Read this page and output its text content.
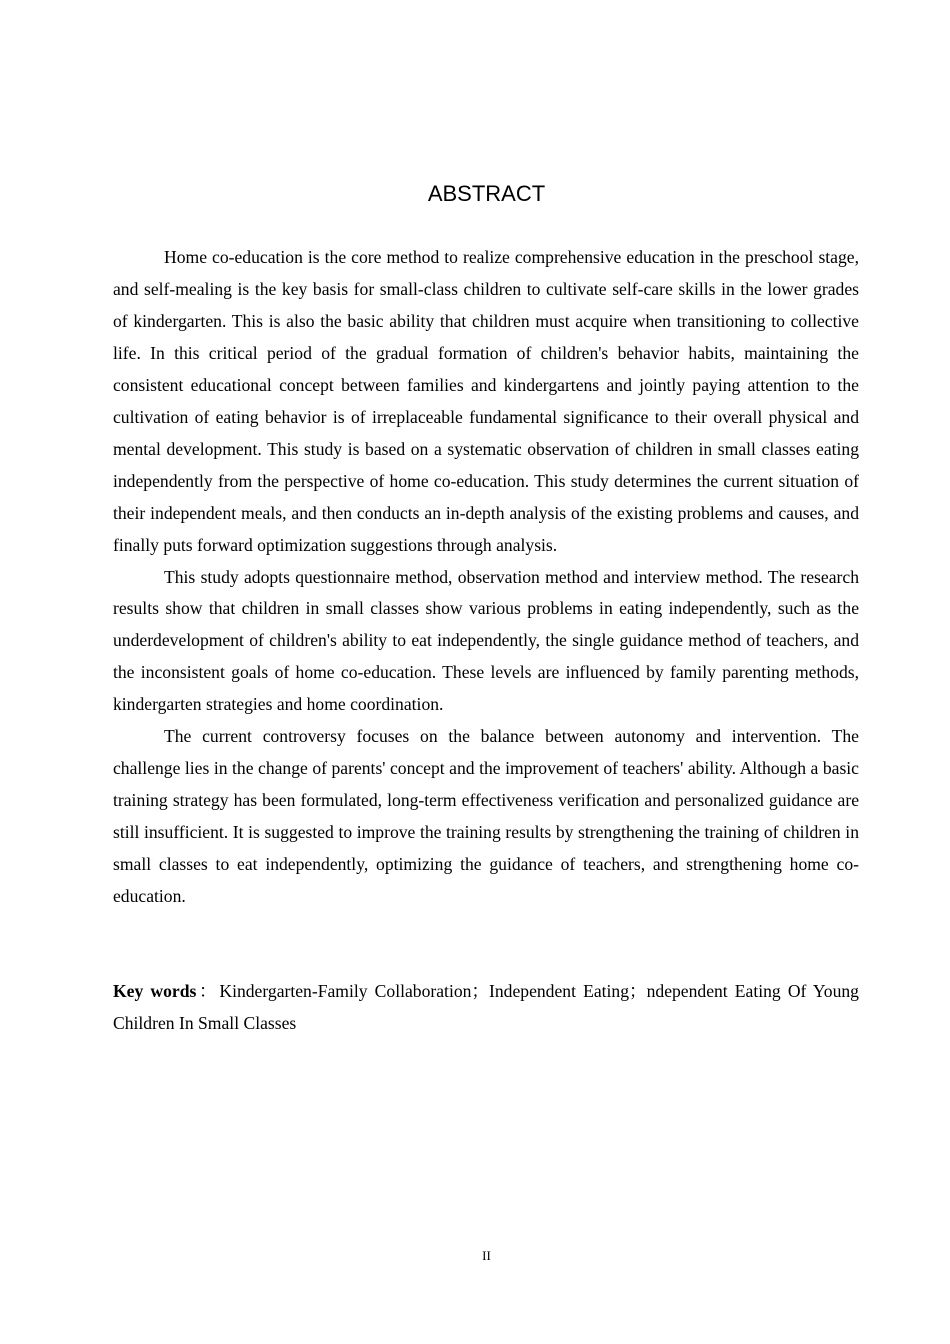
ABSTRACT

Home co-education is the core method to realize comprehensive education in the preschool stage, and self-mealing is the key basis for small-class children to cultivate self-care skills in the lower grades of kindergarten. This is also the basic ability that children must acquire when transitioning to collective life. In this critical period of the gradual formation of children's behavior habits, maintaining the consistent educational concept between families and kindergartens and jointly paying attention to the cultivation of eating behavior is of irreplaceable fundamental significance to their overall physical and mental development. This study is based on a systematic observation of children in small classes eating independently from the perspective of home co-education. This study determines the current situation of their independent meals, and then conducts an in-depth analysis of the existing problems and causes, and finally puts forward optimization suggestions through analysis.

This study adopts questionnaire method, observation method and interview method. The research results show that children in small classes show various problems in eating independently, such as the underdevelopment of children's ability to eat independently, the single guidance method of teachers, and the inconsistent goals of home co-education. These levels are influenced by family parenting methods, kindergarten strategies and home coordination.

The current controversy focuses on the balance between autonomy and intervention. The challenge lies in the change of parents' concept and the improvement of teachers' ability. Although a basic training strategy has been formulated, long-term effectiveness verification and personalized guidance are still insufficient. It is suggested to improve the training results by strengthening the training of children in small classes to eat independently, optimizing the guidance of teachers, and strengthening home co-education.

Key words：Kindergarten-Family Collaboration；Independent Eating；ndependent Eating Of Young Children In Small Classes
II
